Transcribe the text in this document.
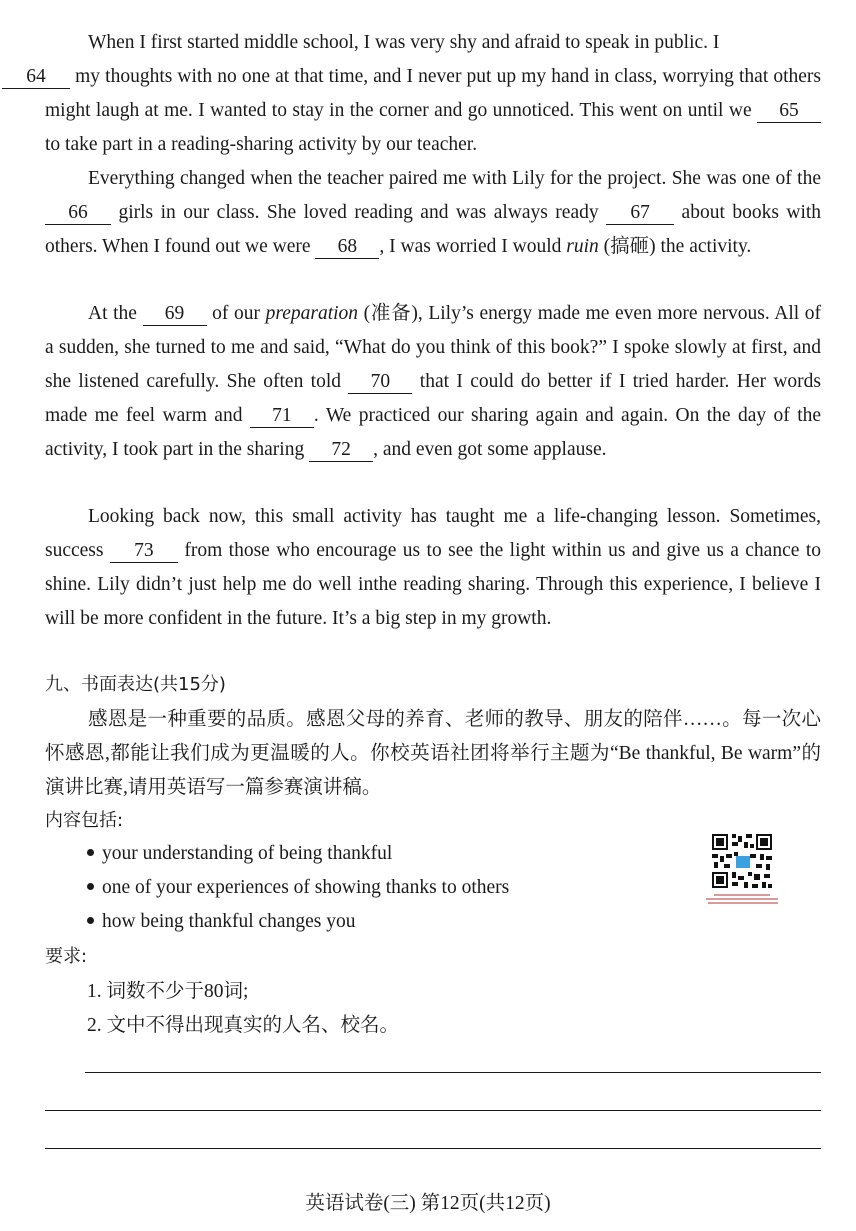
When I first started middle school, I was very shy and afraid to speak in public. I
64 my thoughts with no one at that time, and I never put up my hand in class, worrying that others might laugh at me. I wanted to stay in the corner and go unnoticed. This went on until we 65 to take part in a reading-sharing activity by our teacher.

Everything changed when the teacher paired me with Lily for the project. She was one of the 66 girls in our class. She loved reading and was always ready 67 about books with others. When I found out we were 68 , I was worried I would ruin (搞砸) the activity.

At the 69 of our preparation (准备), Lily’s energy made me even more nervous. All of a sudden, she turned to me and said, “What do you think of this book?” I spoke slowly at first, and she listened carefully. She often told 70 that I could do better if I tried harder. Her words made me feel warm and 71 . We practiced our sharing again and again. On the day of the activity, I took part in the sharing 72 , and even got some applause.

Looking back now, this small activity has taught me a life-changing lesson. Sometimes, success 73 from those who encourage us to see the light within us and give us a chance to shine. Lily didn’t just help me do well inthe reading sharing. Through this experience, I believe I will be more confident in the future. It’s a big step in my growth.

九、书面表达(共15分)

感恩是一种重要的品质。感恩父母的养育、老师的教导、朋友的陪伴……。每一次心怀感恩,都能让我们成为更温暖的人。你校英语社团将举行主题为“Be thankful, Be warm”的演讲比赛,请用英语写一篇参赛演讲稿。

内容包括:
your understanding of being thankful
one of your experiences of showing thanks to others
how being thankful changes you
要求:

1. 词数不少于80词;

2. 文中不得出现真实的人名、校名。

英语试卷(三) 第12页(共12页)
